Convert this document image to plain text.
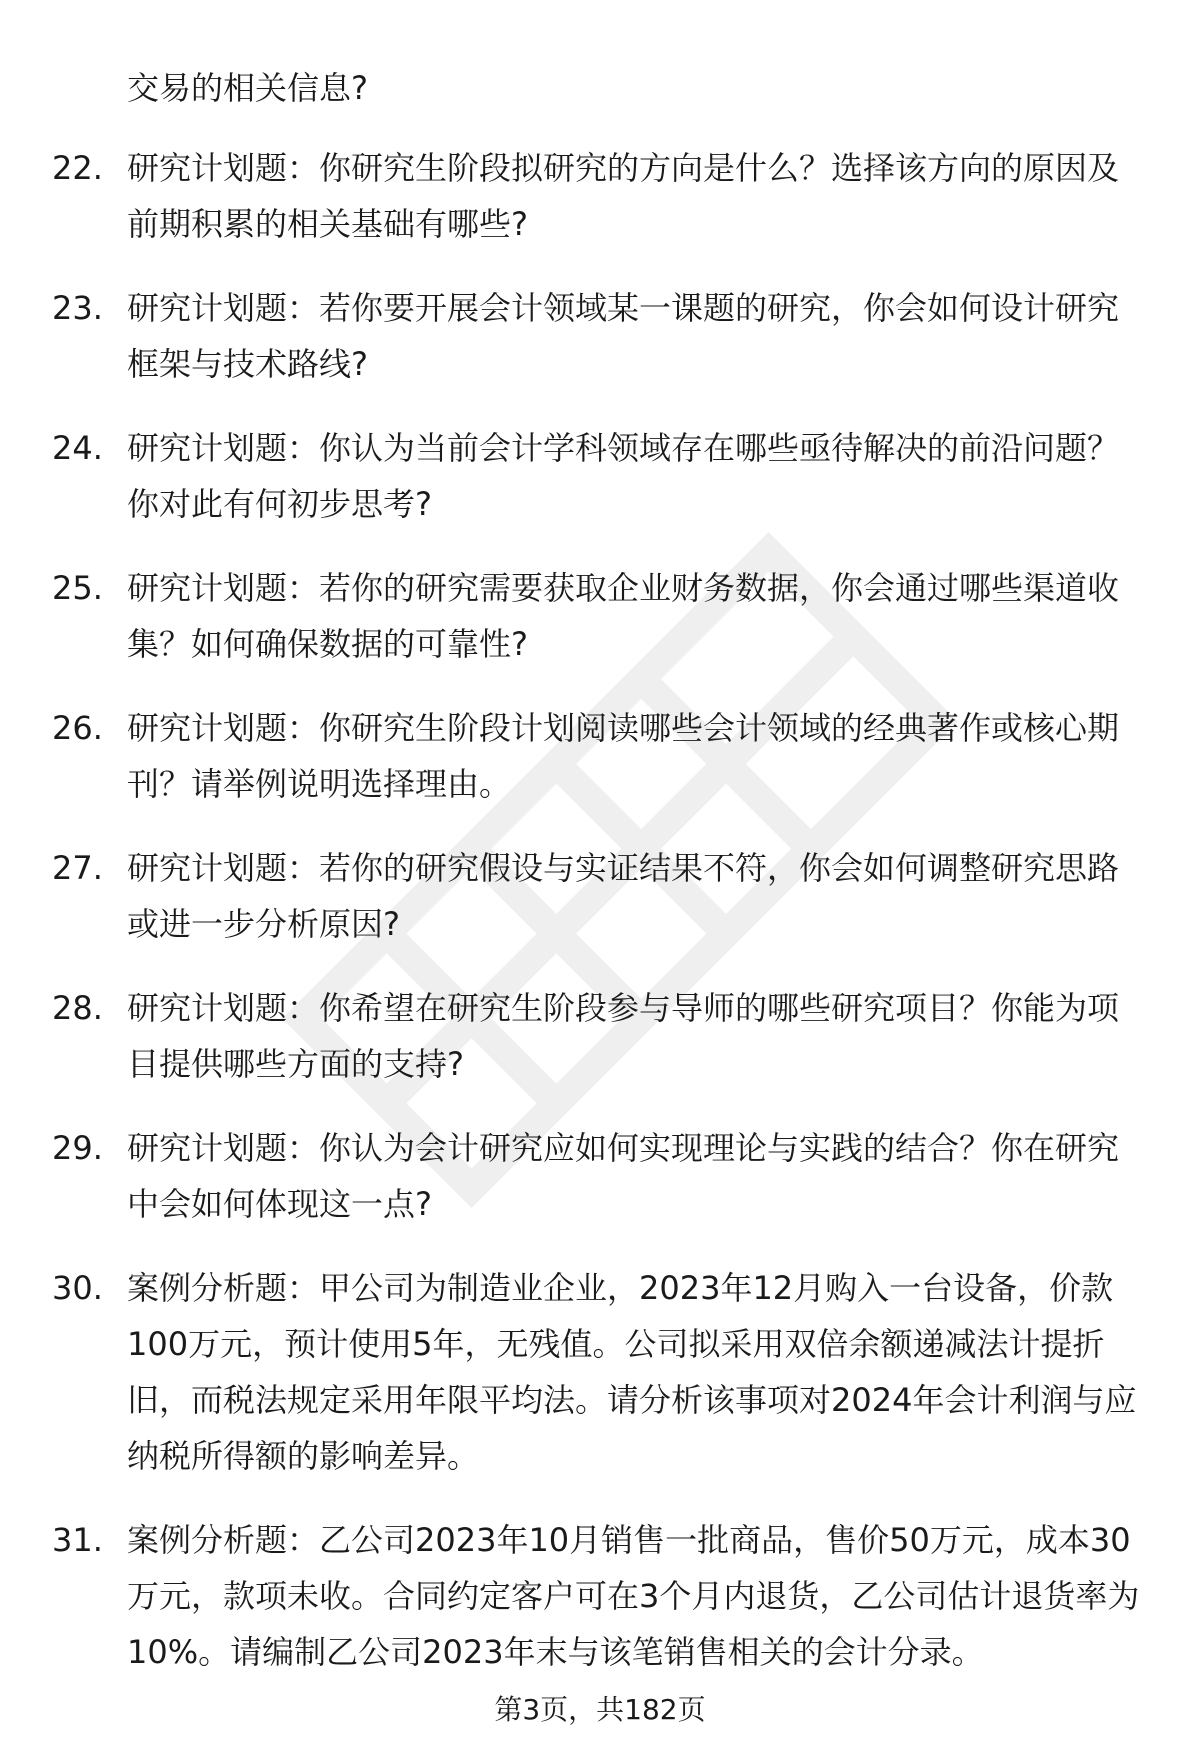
交易的相关信息?

22. 研究计划题：你研究生阶段拟研究的方向是什么？选择该方向的原因及前期积累的相关基础有哪些?
23. 研究计划题：若你要开展会计领域某一课题的研究，你会如何设计研究框架与技术路线?
24. 研究计划题：你认为当前会计学科领域存在哪些亟待解决的前沿问题？你对此有何初步思考?
25. 研究计划题：若你的研究需要获取企业财务数据，你会通过哪些渠道收集？如何确保数据的可靠性?
26. 研究计划题：你研究生阶段计划阅读哪些会计领域的经典著作或核心期刊？请举例说明选择理由。
27. 研究计划题：若你的研究假设与实证结果不符，你会如何调整研究思路或进一步分析原因?
28. 研究计划题：你希望在研究生阶段参与导师的哪些研究项目？你能为项目提供哪些方面的支持?
29. 研究计划题：你认为会计研究应如何实现理论与实践的结合？你在研究中会如何体现这一点?
30. 案例分析题：甲公司为制造业企业，2023年12月购入一台设备，价款100万元，预计使用5年，无残值。公司拟采用双倍余额递减法计提折旧，而税法规定采用年限平均法。请分析该事项对2024年会计利润与应纳税所得额的影响差异。
31. 案例分析题：乙公司2023年10月销售一批商品，售价50万元，成本30万元，款项未收。合同约定客户可在3个月内退货，乙公司估计退货率为10%。请编制乙公司2023年末与该笔销售相关的会计分录。
第3页，共182页
